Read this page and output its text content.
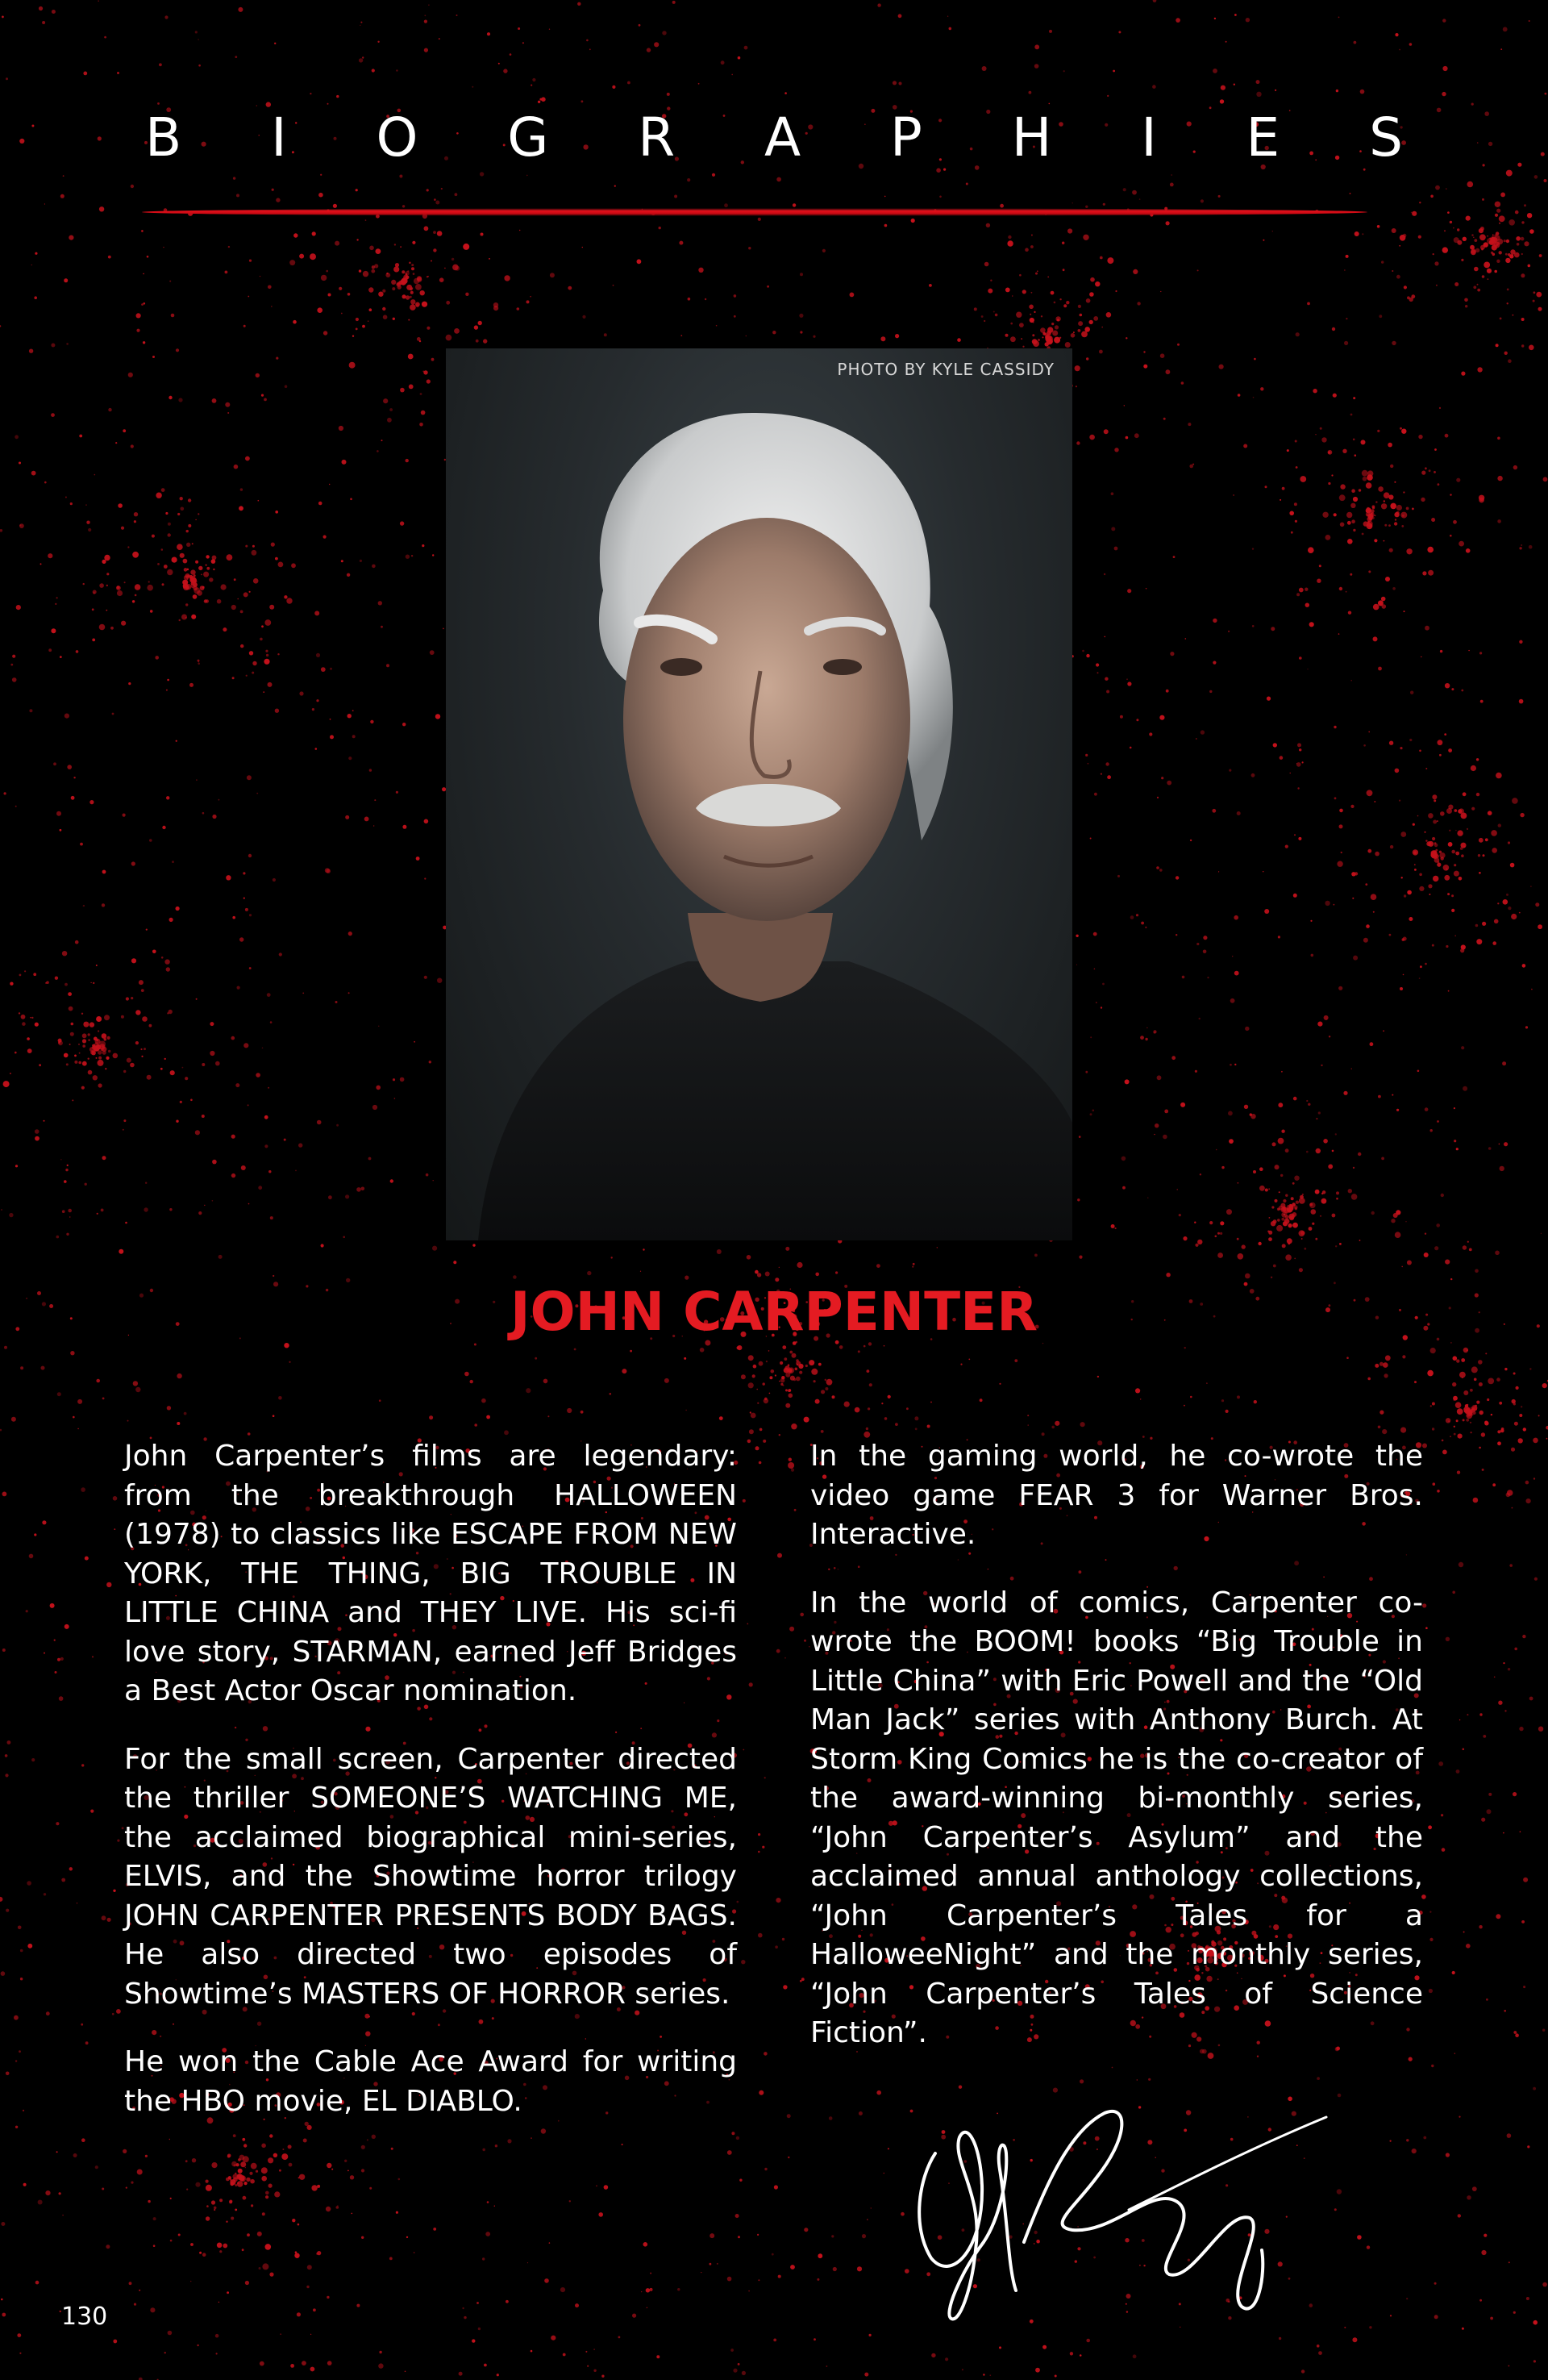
B I O G R A P H I E S
PHOTO BY KYLE CASSIDY
JOHN CARPENTER

John Carpenter’s films are legendary: from the breakthrough HALLOWEEN (1978) to classics like ESCAPE FROM NEW YORK, THE THING, BIG TROUBLE IN LITTLE CHINA and THEY LIVE. His sci-fi love story, STARMAN, earned Jeff Bridges a Best Actor Oscar nomination.

For the small screen, Carpenter directed the thriller SOMEONE’S WATCHING ME, the acclaimed biographical mini-series, ELVIS, and the Showtime horror trilogy JOHN CARPENTER PRESENTS BODY BAGS. He also directed two episodes of Showtime’s MASTERS OF HORROR series.

He won the Cable Ace Award for writing the HBO movie, EL DIABLO.

In the gaming world, he co-wrote the video game FEAR 3 for Warner Bros. Interactive.

In the world of comics, Carpenter co-wrote the BOOM! books “Big Trouble in Little China” with Eric Powell and the “Old Man Jack” series with Anthony Burch. At Storm King Comics he is the co-creator of the award-winning bi-monthly series, “John Carpenter’s Asylum” and the acclaimed annual anthology collections, “John Carpenter’s Tales for a HalloweeNight” and the monthly series, “John Carpenter’s Tales of Science Fiction”.

130
